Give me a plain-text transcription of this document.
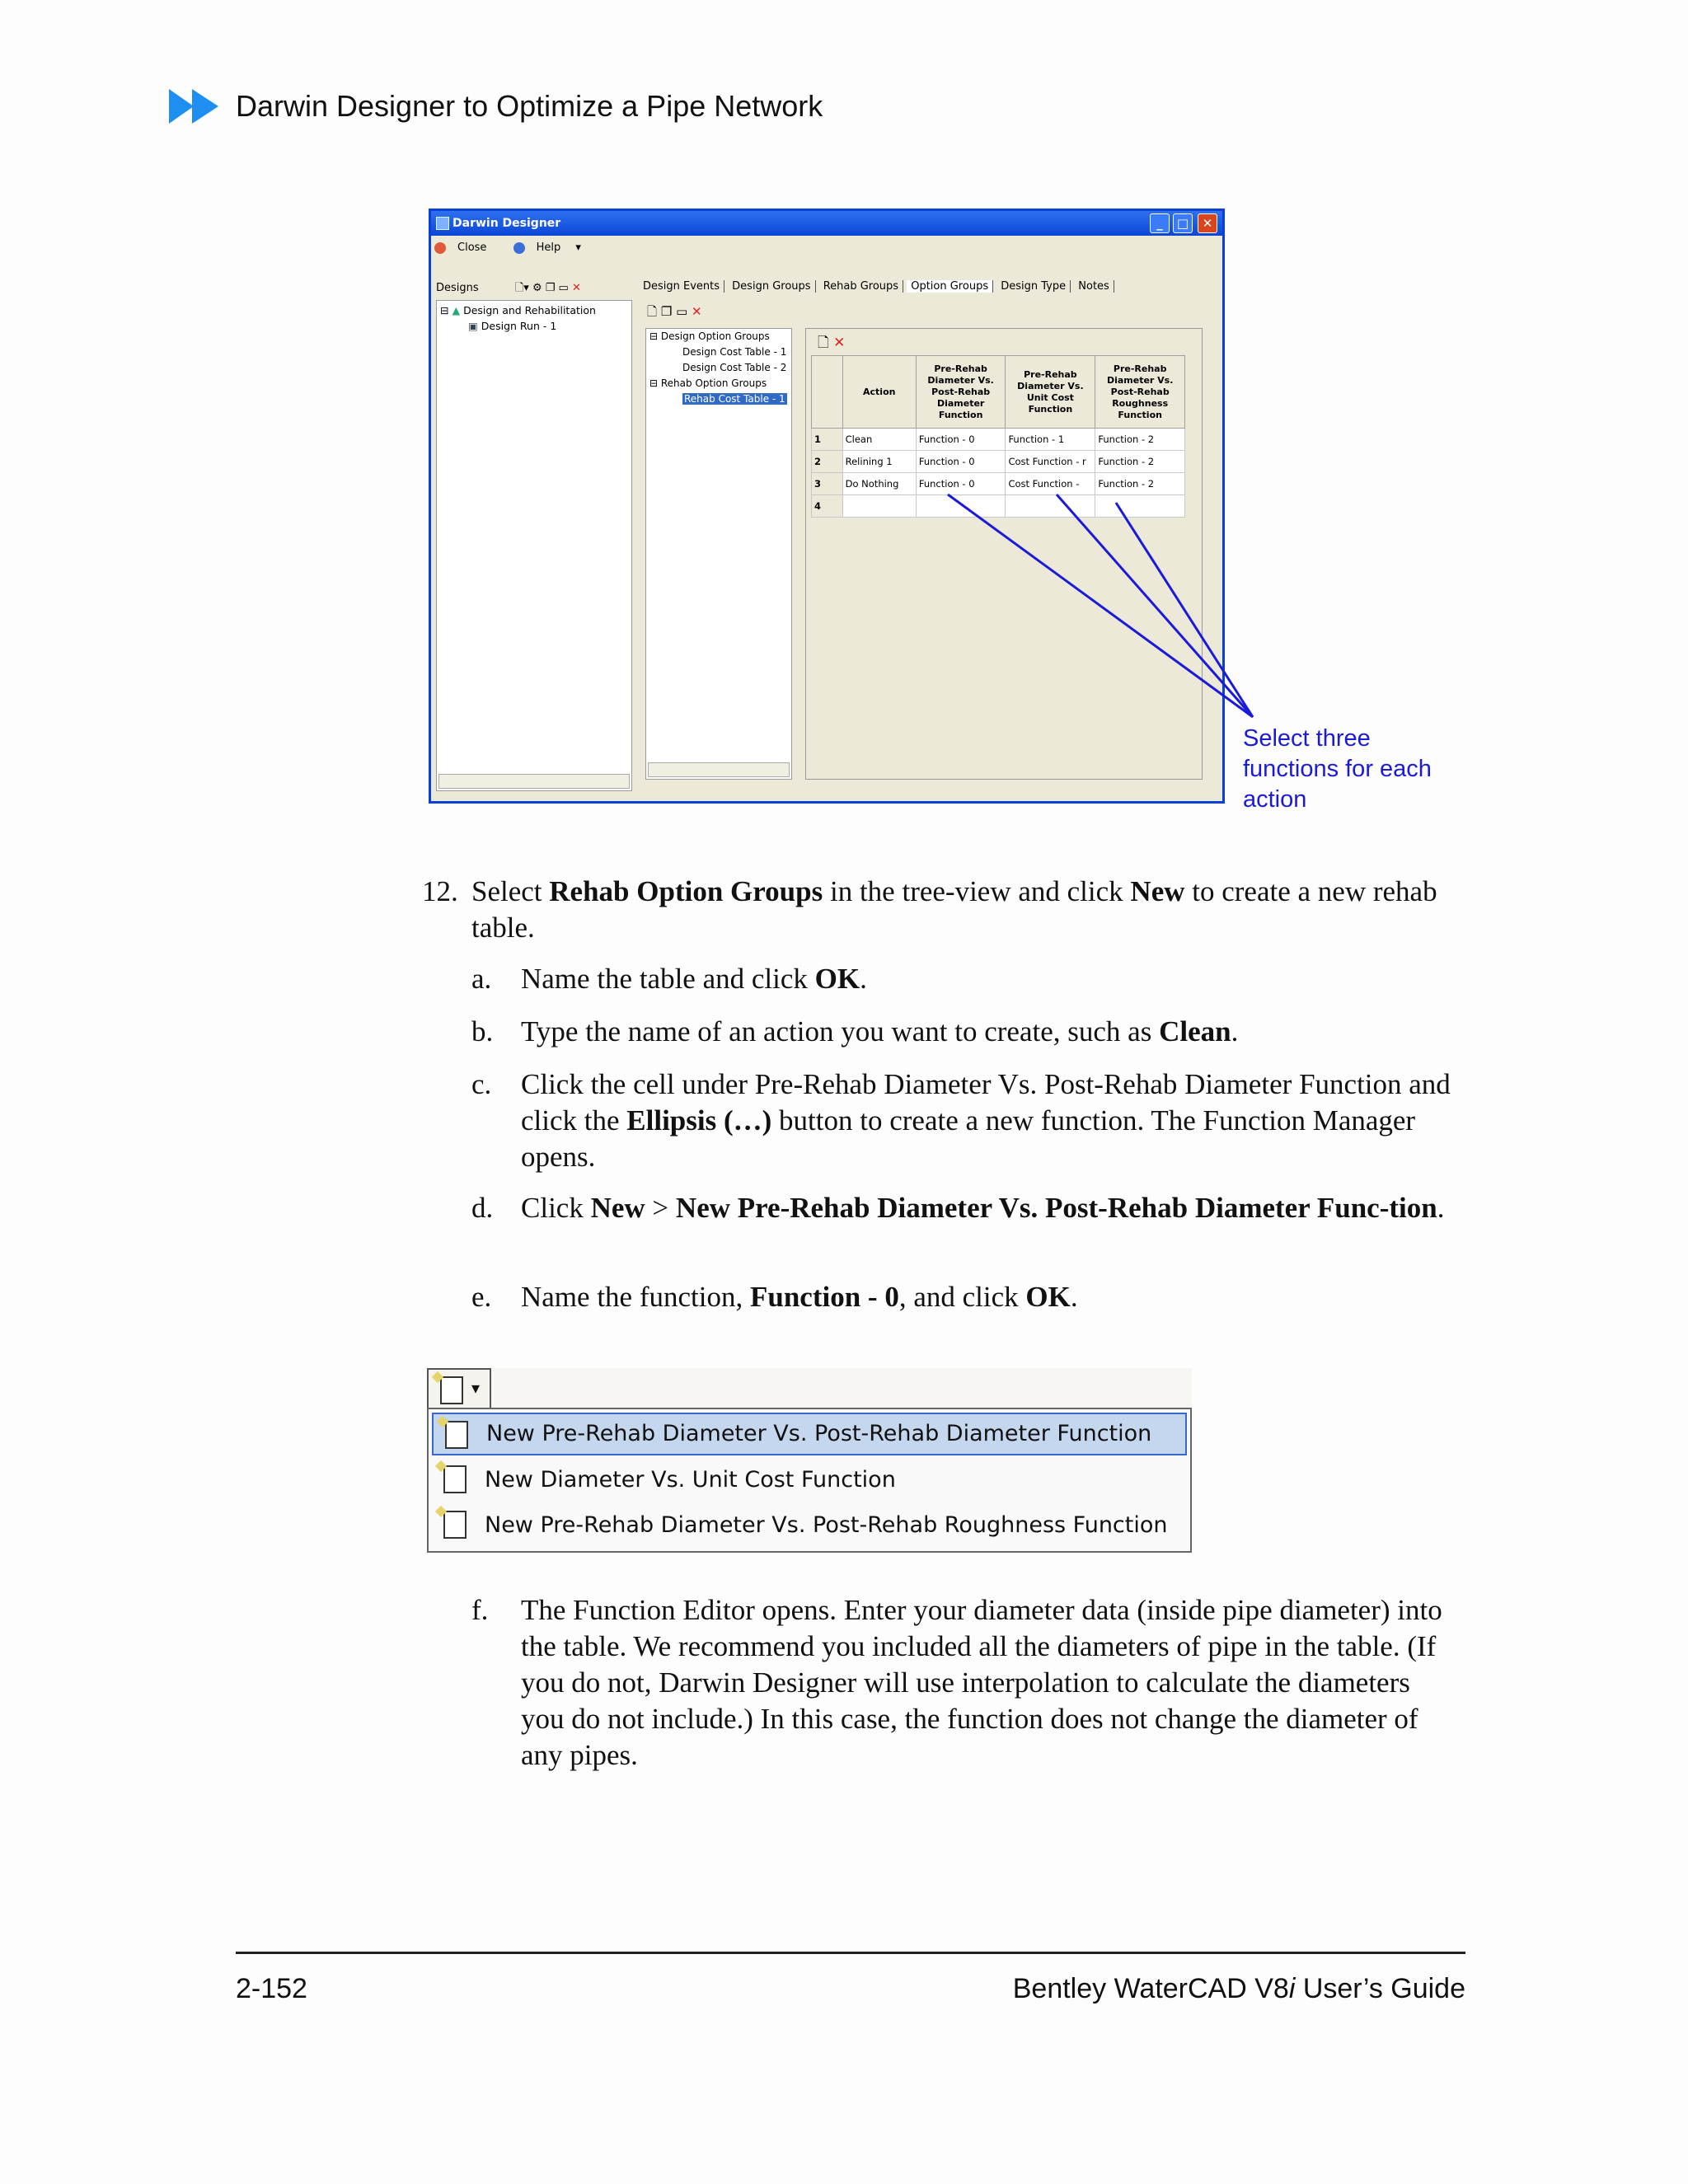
Darwin Designer to Optimize a Pipe Network
Darwin Designer	_	□	✕
Close	Help ▾
Designs	🗋▾ ⚙ ❐ ▭ ✕
⊟ ▲ Design and Rehabilitation
▣ Design Run - 1
Design Events Design Groups Rehab Groups Option Groups Design Type Notes
🗋 ❐ ▭ ✕
⊟ Design Option Groups
Design Cost Table - 1
Design Cost Table - 2
⊟ Rehab Option Groups
Rehab Cost Table - 1
🗋 ✕
	Action	Pre-Rehab Diameter Vs. Post-Rehab Diameter Function	Pre-Rehab Diameter Vs. Unit Cost Function	Pre-Rehab Diameter Vs. Post-Rehab Roughness Function
1	Clean	Function - 0	Function - 1	Function - 2
2	Relining 1	Function - 0	Cost Function - r	Function - 2
3	Do Nothing	Function - 0	Cost Function -	Function - 2
4				
Select three functions for each action
12. Select Rehab Option Groups in the tree-view and click New to create a new rehab table.
a. Name the table and click OK.
b. Type the name of an action you want to create, such as Clean.
c. Click the cell under Pre-Rehab Diameter Vs. Post-Rehab Diameter Function and click the Ellipsis (…) button to create a new function. The Function Manager opens.
d. Click New > New Pre-Rehab Diameter Vs. Post-Rehab Diameter Func-tion.
e. Name the function, Function - 0, and click OK.
▾
New Pre-Rehab Diameter Vs. Post-Rehab Diameter Function
New Diameter Vs. Unit Cost Function
New Pre-Rehab Diameter Vs. Post-Rehab Roughness Function
f. The Function Editor opens. Enter your diameter data (inside pipe diameter) into the table. We recommend you included all the diameters of pipe in the table. (If you do not, Darwin Designer will use interpolation to calculate the diameters you do not include.) In this case, the function does not change the diameter of any pipes.
2-152	Bentley WaterCAD V8i User’s Guide
